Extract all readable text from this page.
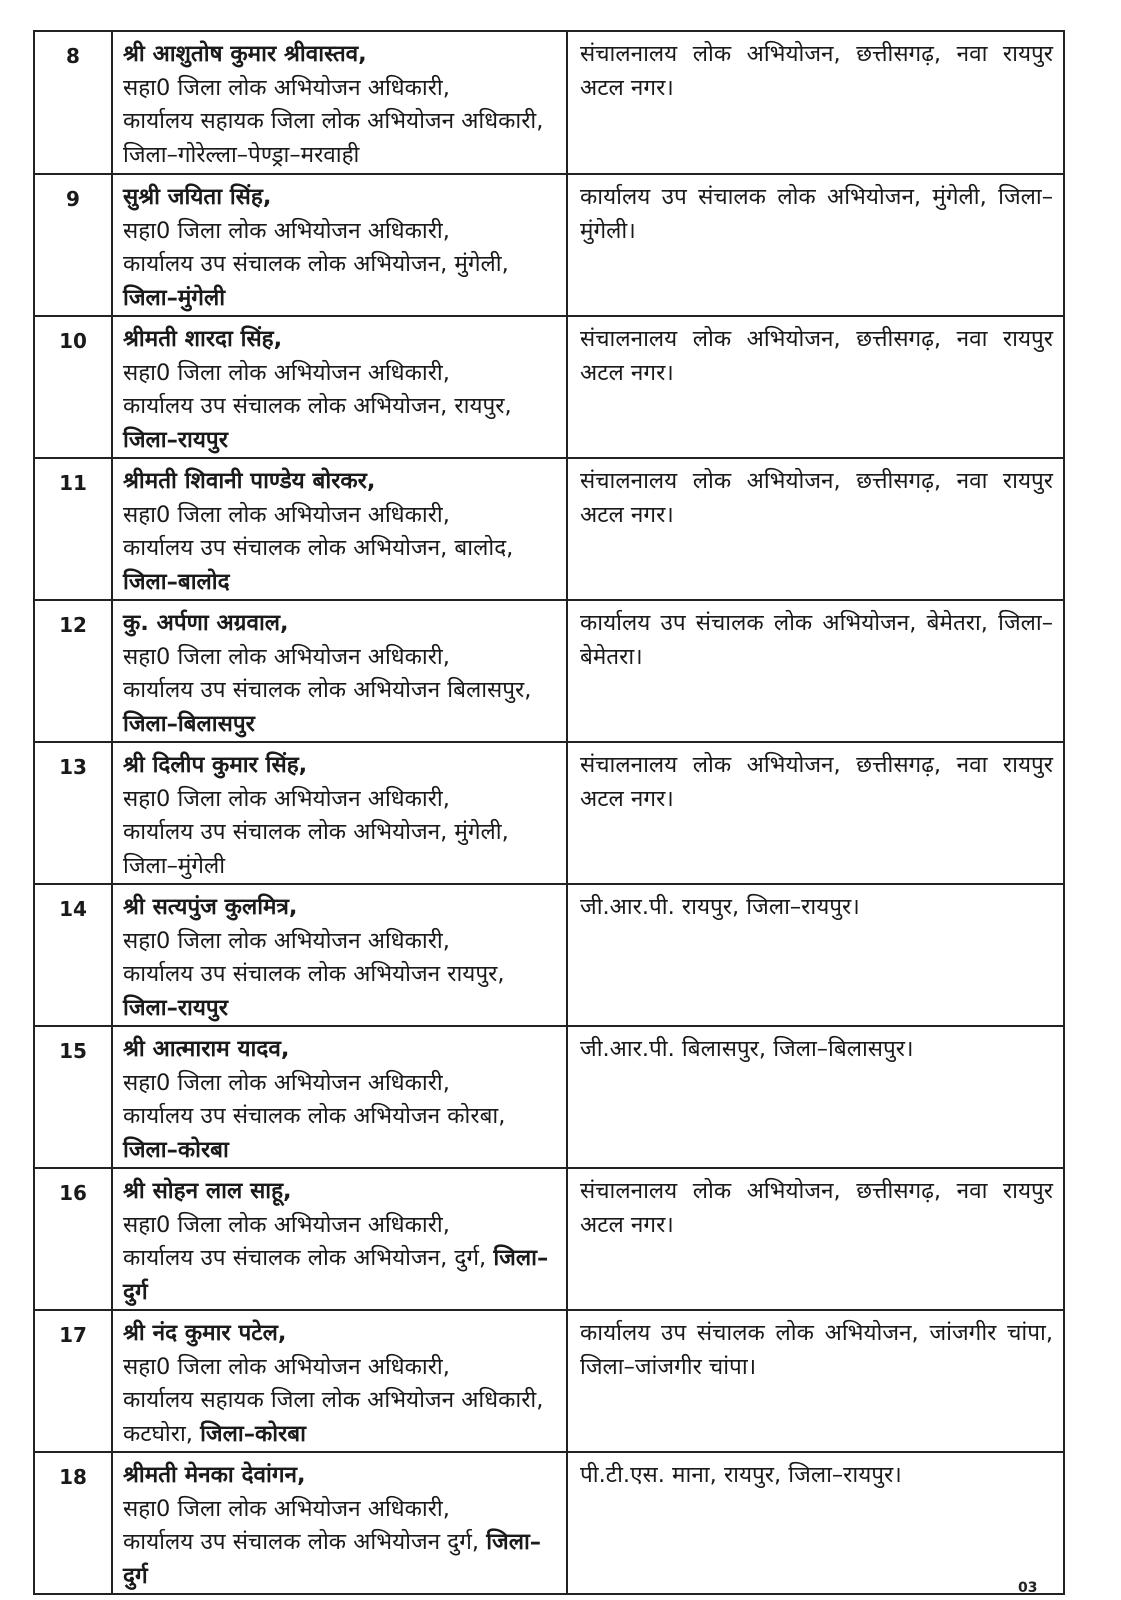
8	श्री आशुतोष कुमार श्रीवास्तव,
सहा0 जिला लोक अभियोजन अधिकारी,
कार्यालय सहायक जिला लोक अभियोजन अधिकारी, जिला–गोरेल्ला–पेण्ड्रा–मरवाही	संचालनालय लोक अभियोजन, छत्तीसगढ़, नवा रायपुर अटल नगर।
9	सुश्री जयिता सिंह,
सहा0 जिला लोक अभियोजन अधिकारी,
कार्यालय उप संचालक लोक अभियोजन, मुंगेली, जिला–मुंगेली	कार्यालय उप संचालक लोक अभियोजन, मुंगेली, जिला–मुंगेली।
10	श्रीमती शारदा सिंह,
सहा0 जिला लोक अभियोजन अधिकारी,
कार्यालय उप संचालक लोक अभियोजन, रायपुर, जिला–रायपुर	संचालनालय लोक अभियोजन, छत्तीसगढ़, नवा रायपुर अटल नगर।
11	श्रीमती शिवानी पाण्डेय बोरकर,
सहा0 जिला लोक अभियोजन अधिकारी,
कार्यालय उप संचालक लोक अभियोजन, बालोद, जिला–बालोद	संचालनालय लोक अभियोजन, छत्तीसगढ़, नवा रायपुर अटल नगर।
12	कु. अर्पणा अग्रवाल,
सहा0 जिला लोक अभियोजन अधिकारी,
कार्यालय उप संचालक लोक अभियोजन बिलासपुर, जिला–बिलासपुर	कार्यालय उप संचालक लोक अभियोजन, बेमेतरा, जिला–बेमेतरा।
13	श्री दिलीप कुमार सिंह,
सहा0 जिला लोक अभियोजन अधिकारी,
कार्यालय उप संचालक लोक अभियोजन, मुंगेली, जिला–मुंगेली	संचालनालय लोक अभियोजन, छत्तीसगढ़, नवा रायपुर अटल नगर।
14	श्री सत्यपुंज कुलमित्र,
सहा0 जिला लोक अभियोजन अधिकारी,
कार्यालय उप संचालक लोक अभियोजन रायपुर, जिला–रायपुर	जी.आर.पी. रायपुर, जिला–रायपुर।
15	श्री आत्माराम यादव,
सहा0 जिला लोक अभियोजन अधिकारी,
कार्यालय उप संचालक लोक अभियोजन कोरबा, जिला–कोरबा	जी.आर.पी. बिलासपुर, जिला–बिलासपुर।
16	श्री सोहन लाल साहू,
सहा0 जिला लोक अभियोजन अधिकारी,
कार्यालय उप संचालक लोक अभियोजन, दुर्ग, जिला–दुर्ग	संचालनालय लोक अभियोजन, छत्तीसगढ़, नवा रायपुर अटल नगर।
17	श्री नंद कुमार पटेल,
सहा0 जिला लोक अभियोजन अधिकारी,
कार्यालय सहायक जिला लोक अभियोजन अधिकारी, कटघोरा, जिला–कोरबा	कार्यालय उप संचालक लोक अभियोजन, जांजगीर चांपा, जिला–जांजगीर चांपा।
18	श्रीमती मेनका देवांगन,
सहा0 जिला लोक अभियोजन अधिकारी,
कार्यालय उप संचालक लोक अभियोजन दुर्ग, जिला–दुर्ग	पी.टी.एस. माना, रायपुर, जिला–रायपुर।
03
